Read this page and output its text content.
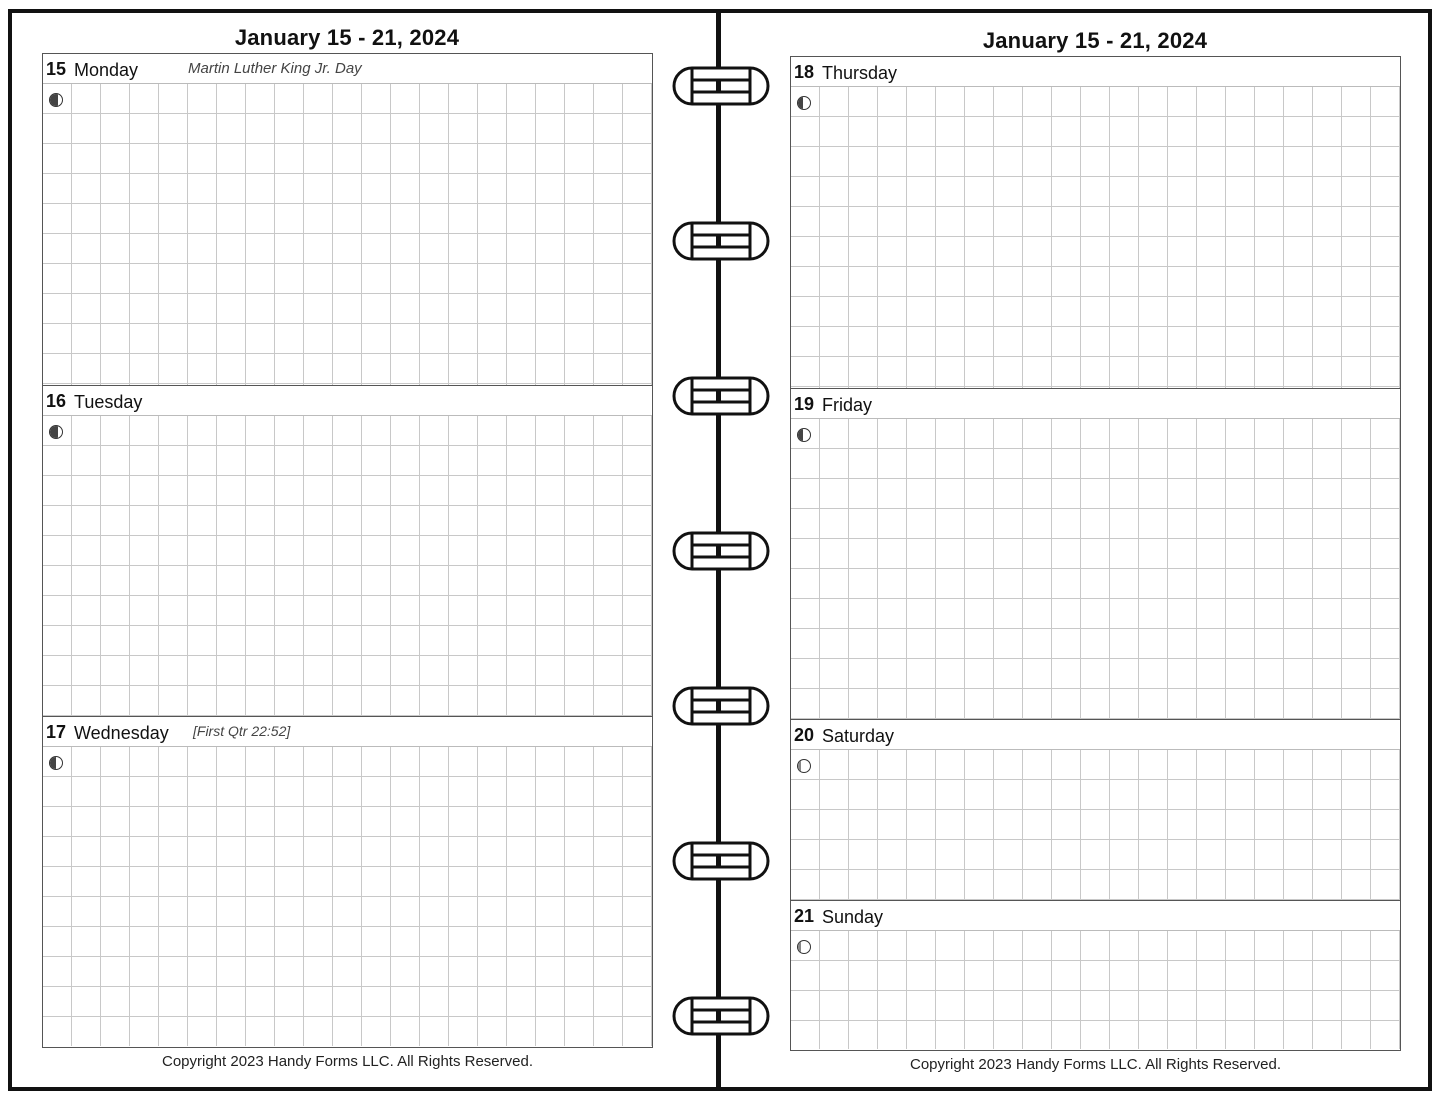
January 15 - 21, 2024
15 Monday	Martin Luther King Jr. Day
16 Tuesday
17 Wednesday [First Qtr 22:52]
Copyright 2023 Handy Forms LLC. All Rights Reserved.
January 15 - 21, 2024
18 Thursday
19 Friday
20 Saturday
21 Sunday
Copyright 2023 Handy Forms LLC. All Rights Reserved.
